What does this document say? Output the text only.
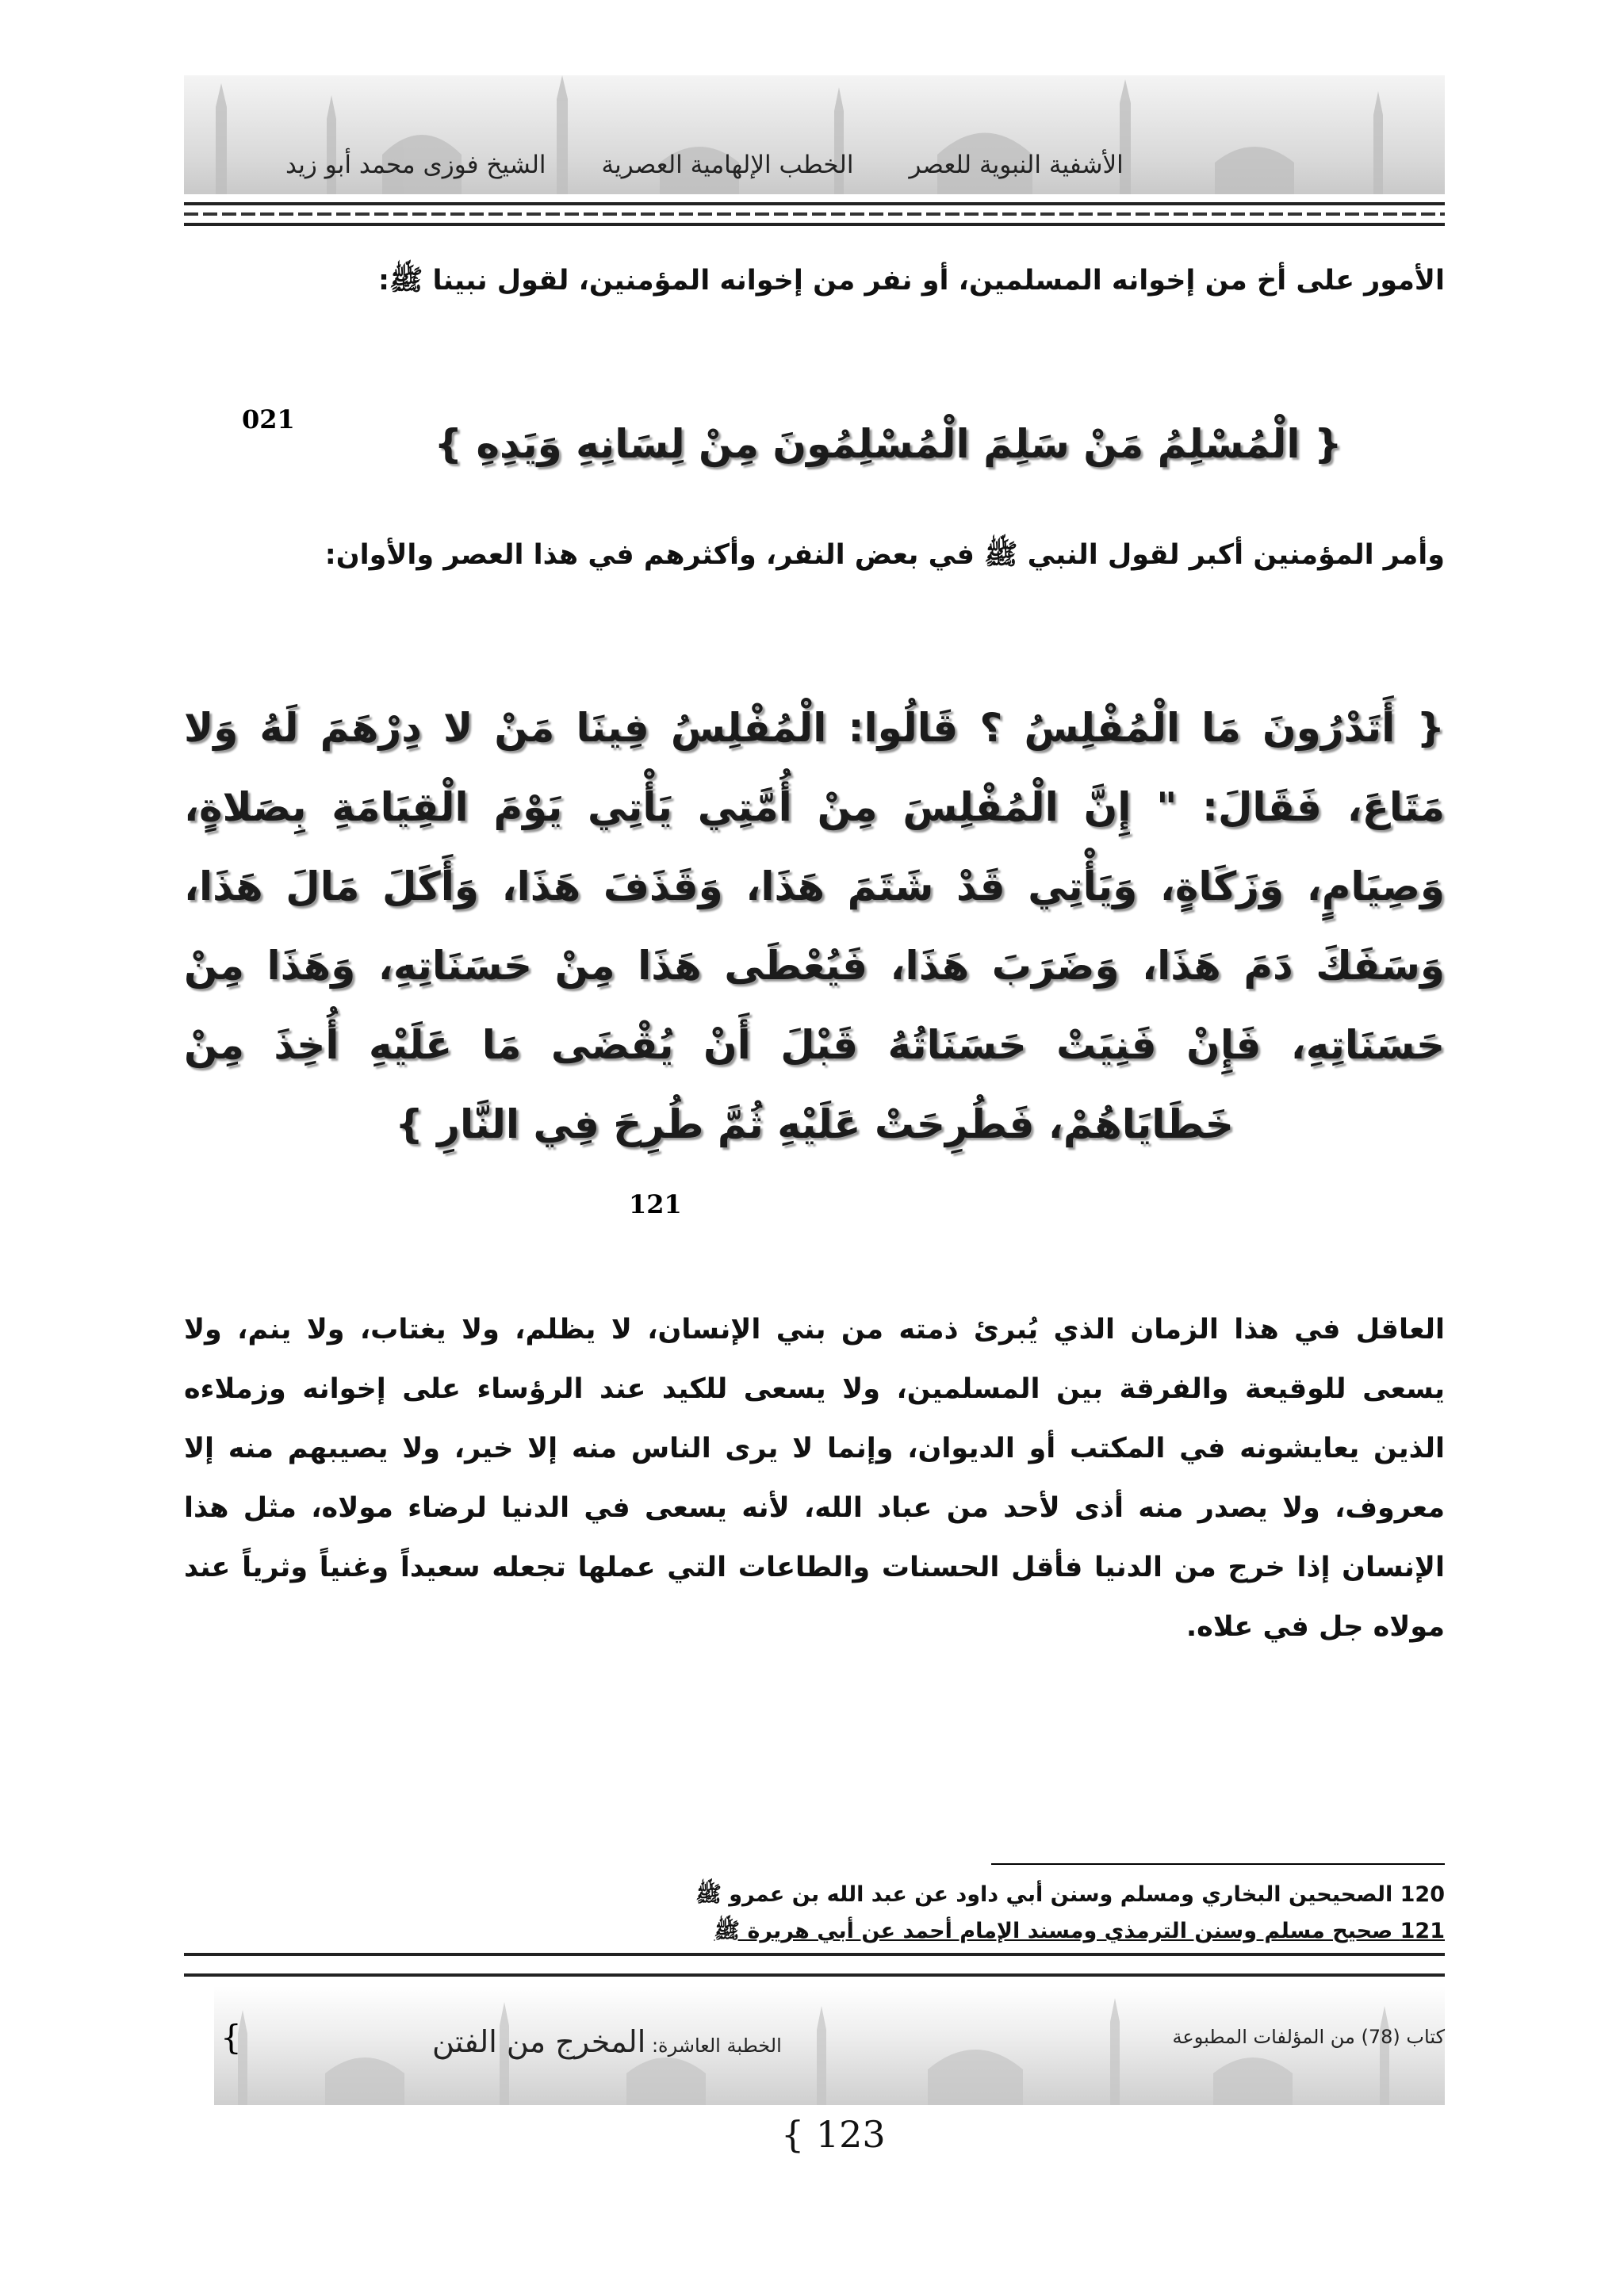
الشيخ فوزى محمد أبو زيد الخطب الإلهامية العصرية الأشفية النبوية للعصر
الأمور على أخ من إخوانه المسلمين، أو نفر من إخوانه المؤمنين، لقول نبينا ﷺ:
{ الْمُسْلِمُ مَنْ سَلِمَ الْمُسْلِمُونَ مِنْ لِسَانِهِ وَيَدِهِ }
021
وأمر المؤمنين أكبر لقول النبي ﷺ في بعض النفر، وأكثرهم في هذا العصر والأوان:
{ أَتَدْرُونَ مَا الْمُفْلِسُ ؟ قَالُوا: الْمُفْلِسُ فِينَا مَنْ لا دِرْهَمَ لَهُ وَلا مَتَاعَ، فَقَالَ: " إِنَّ الْمُفْلِسَ مِنْ أُمَّتِي يَأْتِي يَوْمَ الْقِيَامَةِ بِصَلاةٍ، وَصِيَامٍ، وَزَكَاةٍ، وَيَأْتِي قَدْ شَتَمَ هَذَا، وَقَذَفَ هَذَا، وَأَكَلَ مَالَ هَذَا، وَسَفَكَ دَمَ هَذَا، وَضَرَبَ هَذَا، فَيُعْطَى هَذَا مِنْ حَسَنَاتِهِ، وَهَذَا مِنْ حَسَنَاتِهِ، فَإِنْ فَنِيَتْ حَسَنَاتُهُ قَبْلَ أَنْ يُقْضَى مَا عَلَيْهِ أُخِذَ مِنْ خَطَايَاهُمْ، فَطُرِحَتْ عَلَيْهِ ثُمَّ طُرِحَ فِي النَّارِ }
121
العاقل في هذا الزمان الذي يُبرئ ذمته من بني الإنسان، لا يظلم، ولا يغتاب، ولا ينم، ولا يسعى للوقيعة والفرقة بين المسلمين، ولا يسعى للكيد عند الرؤساء على إخوانه وزملاءه الذين يعايشونه في المكتب أو الديوان، وإنما لا يرى الناس منه إلا خير، ولا يصيبهم منه إلا معروف، ولا يصدر منه أذى لأحد من عباد الله، لأنه يسعى في الدنيا لرضاء مولاه، مثل هذا الإنسان إذا خرج من الدنيا فأقل الحسنات والطاعات التي عملها تجعله سعيداً وغنياً وثرياً عند مولاه جل في علاه.
120 الصحيحين البخاري ومسلم وسنن أبي داود عن عبد الله بن عمرو ﷺ
121 صحيح مسلم وسنن الترمذي ومسند الإمام أحمد عن أبي هريرة ﷺ
كتاب (78) من المؤلفات المطبوعة
الخطبة العاشرة: المخرج من الفتن
{
{ 123
